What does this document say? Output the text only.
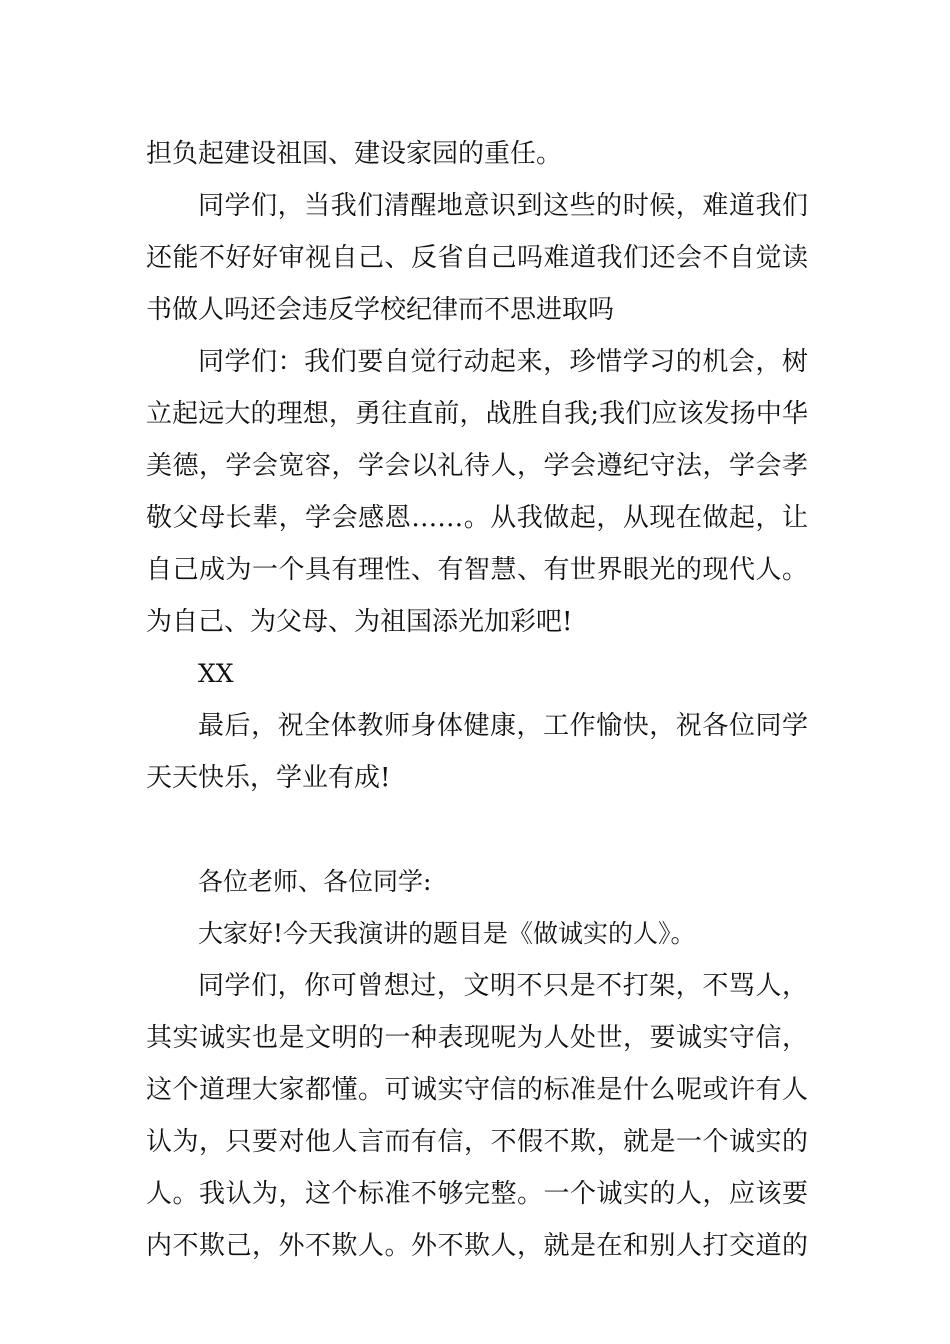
担负起建设祖国、建设家园的重任。
同学们，当我们清醒地意识到这些的时候，难道我们
还能不好好审视自己、反省自己吗难道我们还会不自觉读
书做人吗还会违反学校纪律而不思进取吗
同学们：我们要自觉行动起来，珍惜学习的机会，树
立起远大的理想，勇往直前，战胜自我;我们应该发扬中华
美德，学会宽容，学会以礼待人，学会遵纪守法，学会孝
敬父母长辈，学会感恩……。从我做起，从现在做起，让
自己成为一个具有理性、有智慧、有世界眼光的现代人。
为自己、为父母、为祖国添光加彩吧!
XX
最后，祝全体教师身体健康，工作愉快，祝各位同学
天天快乐，学业有成!
各位老师、各位同学:
大家好!今天我演讲的题目是《做诚实的人》。
同学们，你可曾想过，文明不只是不打架，不骂人，
其实诚实也是文明的一种表现呢为人处世，要诚实守信，
这个道理大家都懂。可诚实守信的标准是什么呢或许有人
认为，只要对他人言而有信，不假不欺，就是一个诚实的
人。我认为，这个标准不够完整。一个诚实的人，应该要
内不欺己，外不欺人。外不欺人，就是在和别人打交道的
